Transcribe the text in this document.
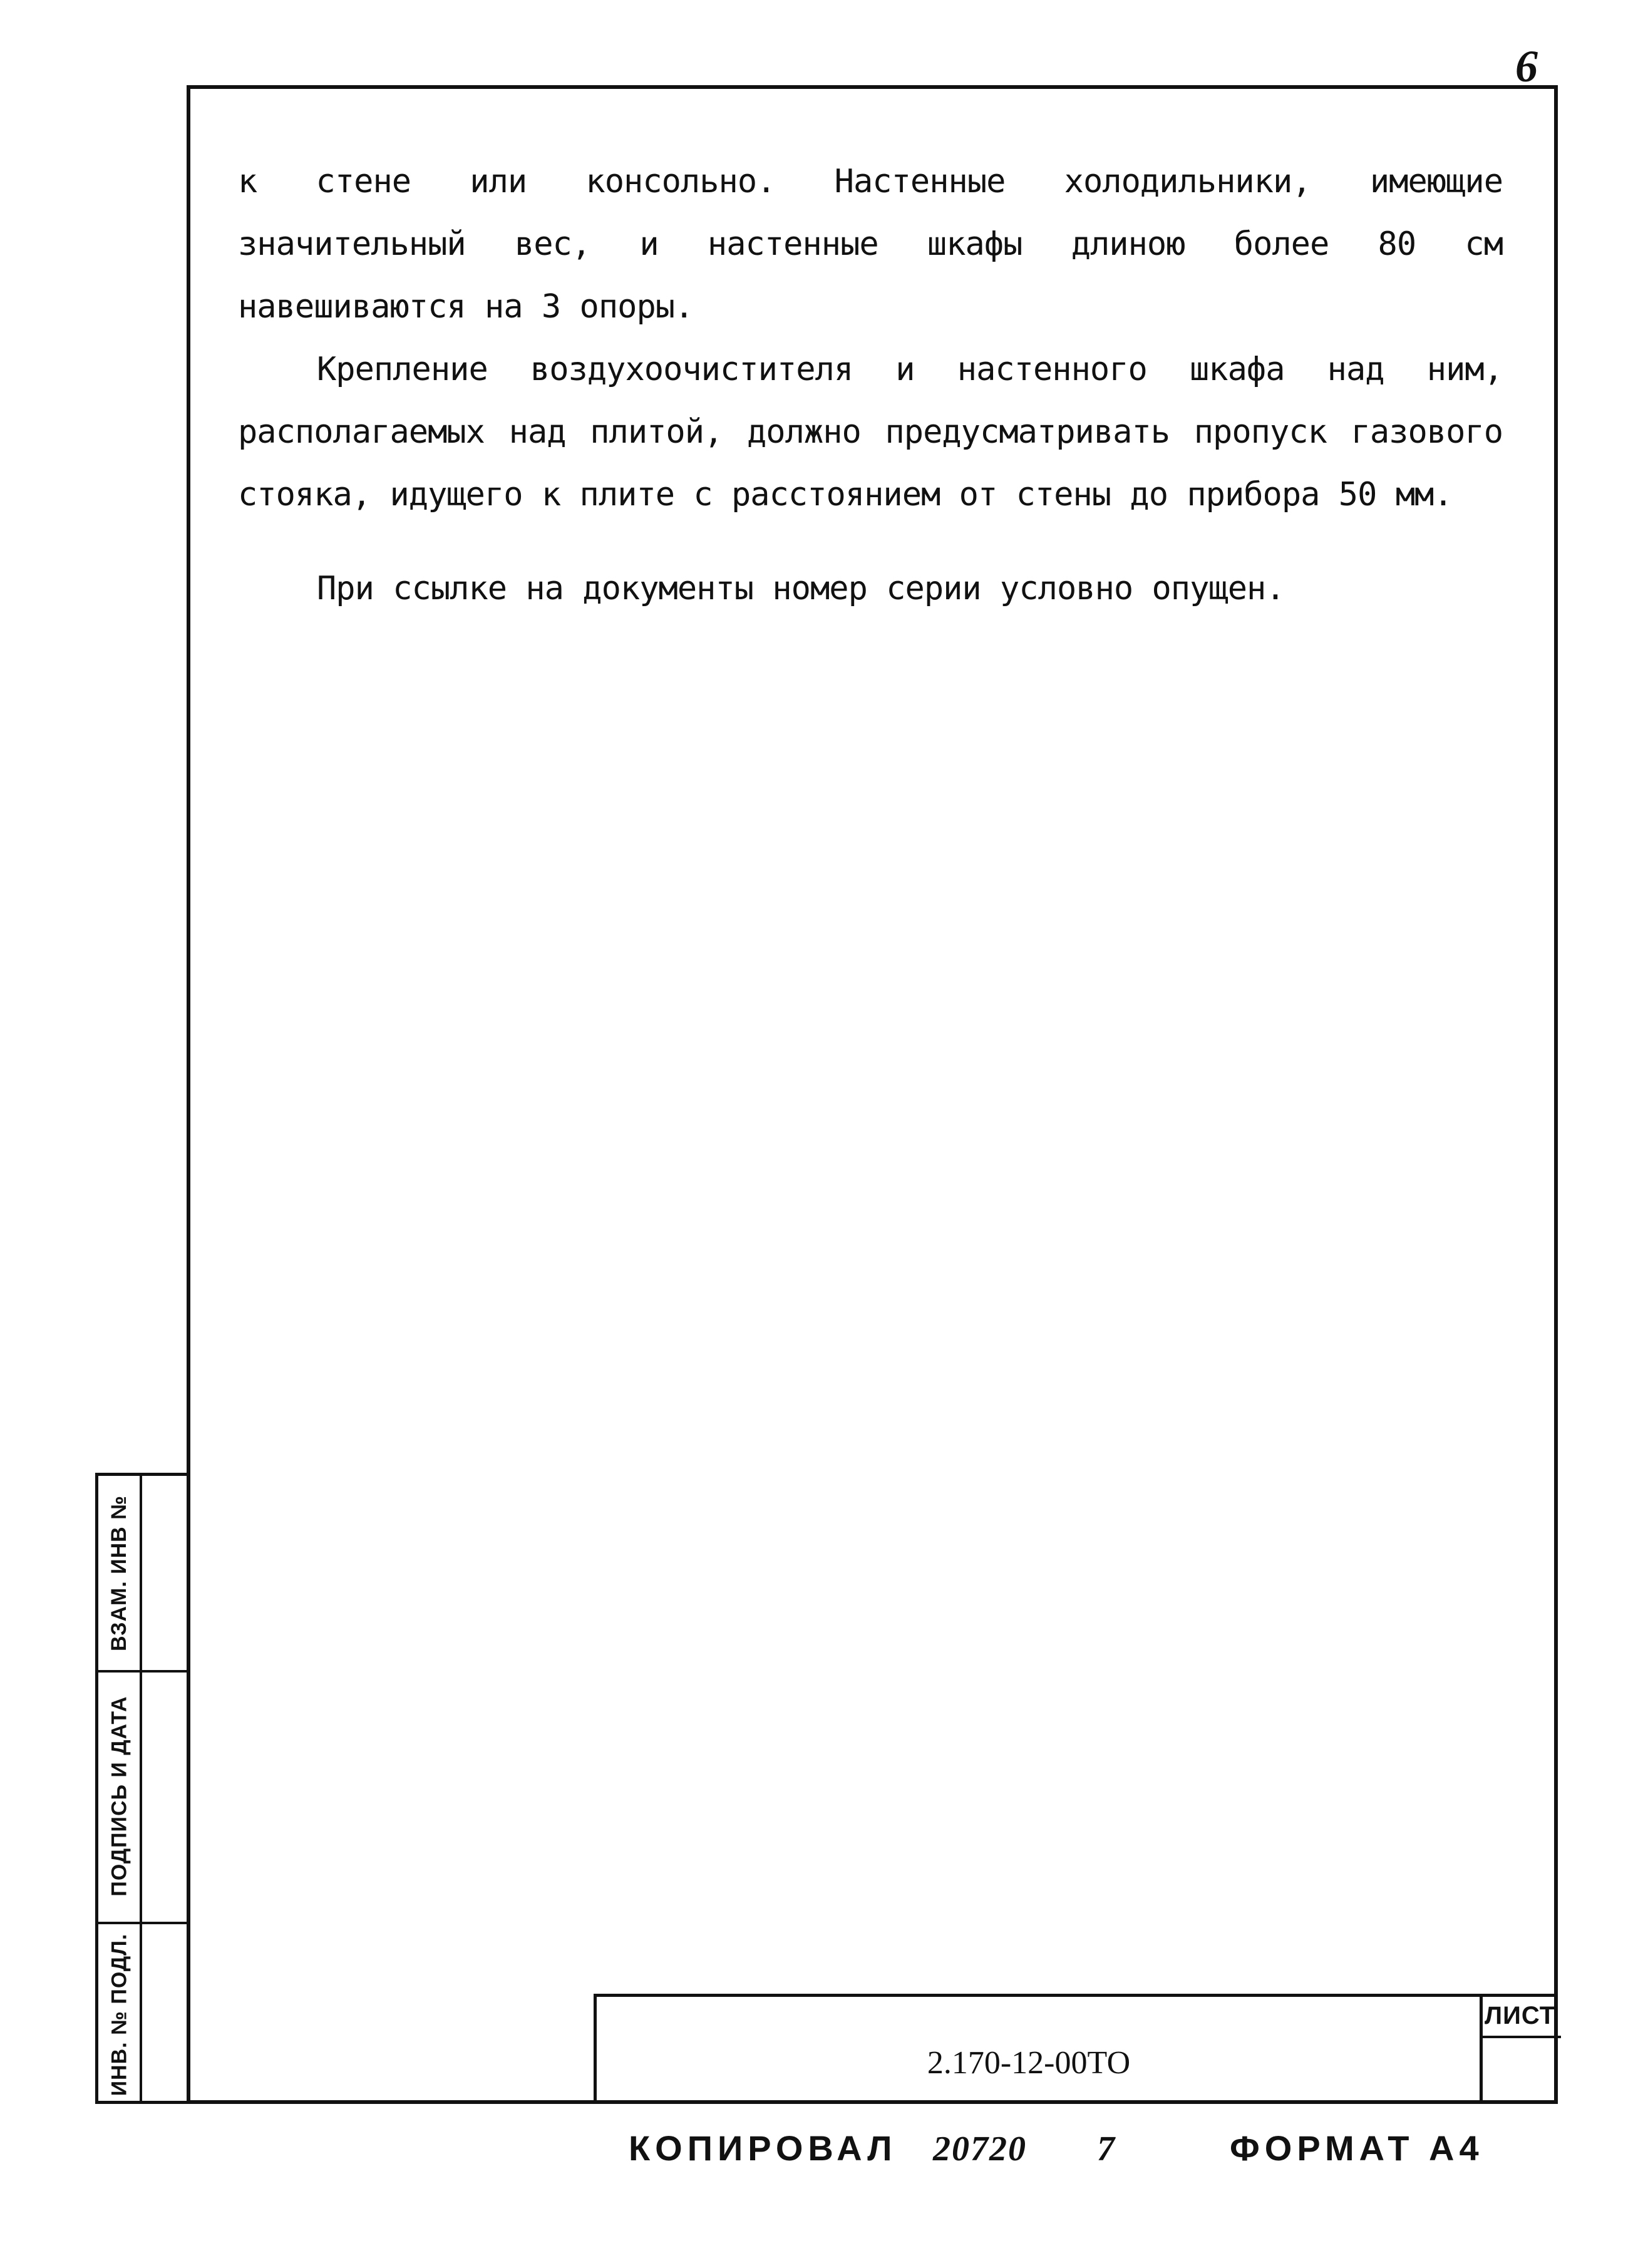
6

к стене или консольно. Настенные холодильники, имеющие значительный вес, и настенные шкафы длиною более 80 см навешиваются на 3 опоры.

Крепление воздухоочистителя и настенного шкафа над ним, располагаемых над плитой, должно предусматривать пропуск газового стояка, идущего к плите с расстоянием от стены до прибора 50 мм.

При ссылке на документы номер серии условно опущен.

ВЗАМ. ИНВ №
ПОДПИСЬ И ДАТА
ИНВ. № ПОДЛ.	2.170-12-00ТО
ЛИСТ
КОПИРОВАЛ 20720 7	ФОРМАТ А4
